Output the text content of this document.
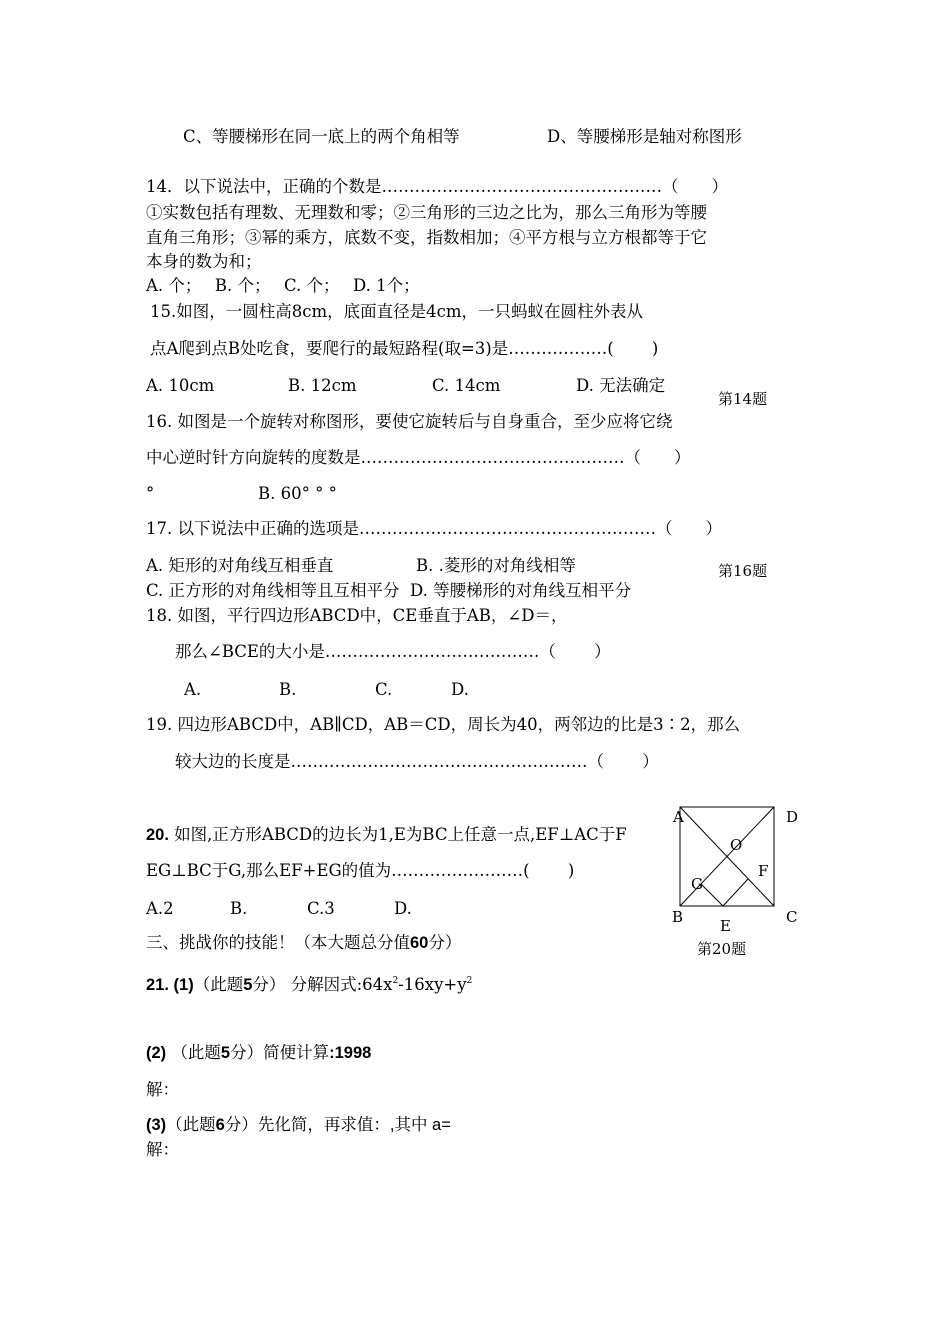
C、等腰梯形在同一底上的两个角相等	D、等腰梯形是轴对称图形
14．以下说法中，正确的个数是……………………………………………（　　）
①实数包括有理数、无理数和零；②三角形的三边之比为，那么三角形为等腰
直角三角形；③幂的乘方，底数不变，指数相加；④平方根与立方根都等于它
本身的数为和；
A. 个；　 B. 个；　 C. 个；　 D. 1个；
15.如图，一圆柱高8cm，底面直径是4cm，一只蚂蚁在圆柱外表从
点A爬到点B处吃食，要爬行的最短路程(取=3)是………………(　　 )
A. 10cm	B. 12cm	C. 14cm	D. 无法确定
第14题
16. 如图是一个旋转对称图形，要使它旋转后与自身重合，至少应将它绕
中心逆时针方向旋转的度数是…………………………………………（　　）
°	B. 60° ° °
17. 以下说法中正确的选项是………………………………………………（　　）
A. 矩形的对角线互相垂直	B. .菱形的对角线相等	第16题
C. 正方形的对角线相等且互相平分  D. 等腰梯形的对角线互相平分
18. 如图，平行四边形ABCD中，CE垂直于AB，∠D＝，
那么∠BCE的大小是…………………………………（　　 ）
A.	B.	C.	D.
19. 四边形ABCD中，AB∥CD，AB＝CD，周长为40，两邻边的比是3∶2，那么
较大边的长度是………………………………………………（　　 ）
20. 如图,正方形ABCD的边长为1,E为BC上任意一点,EF⊥AC于F
EG⊥BC于G,那么EF+EG的值为……………………(　　 )
A.2	B.	C.3	D.
A	D
O
F
G
B	C
E
第20题
三、挑战你的技能！（本大题总分值60分）
21. (1)（此题5分） 分解因式$:64x^2-16xy+y^2$
(2) （此题5分）简便计算:1998
解：
(3)（此题6分）先化简，再求值：,其中 a=
解：
